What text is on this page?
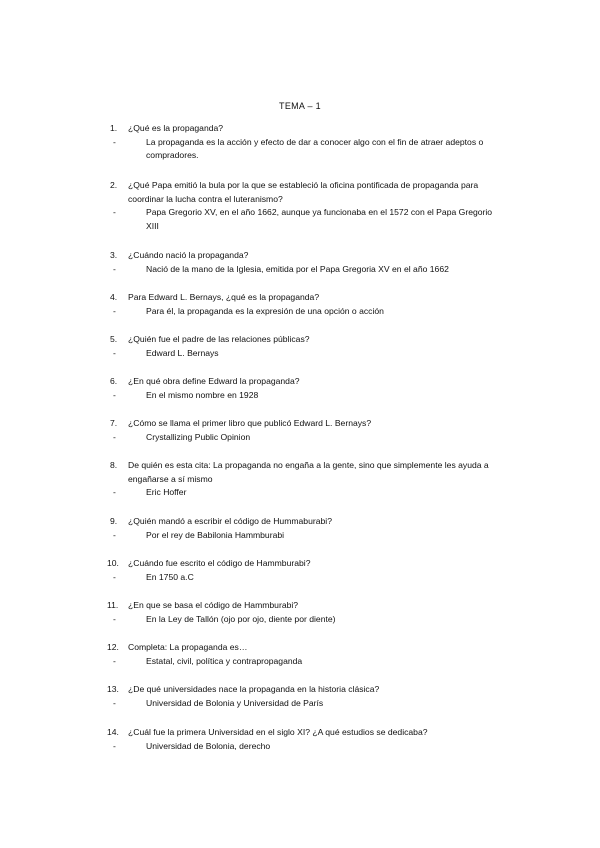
TEMA – 1
1. ¿Qué es la propaganda?
-	La propaganda es la acción y efecto de dar a conocer algo con el fin de atraer adeptos o compradores.
2. ¿Qué Papa emitió la bula por la que se estableció la oficina pontificada de propaganda para coordinar la lucha contra el luteranismo?
-	Papa Gregorio XV, en el año 1662, aunque ya funcionaba en el 1572 con el Papa Gregorio XIII
3. ¿Cuándo nació la propaganda?
-	Nació de la mano de la Iglesia, emitida por el Papa Gregoria XV en el año 1662
4. Para Edward L. Bernays, ¿qué es la propaganda?
-	Para él, la propaganda es la expresión de una opción o acción
5. ¿Quién fue el padre de las relaciones públicas?
-	Edward L. Bernays
6. ¿En qué obra define Edward la propaganda?
-	En el mismo nombre en 1928
7. ¿Cómo se llama el primer libro que publicó Edward L. Bernays?
-	Crystallizing Public Opinion
8. De quién es esta cita: La propaganda no engaña a la gente, sino que simplemente les ayuda a engañarse a sí mismo
-	Eric Hoffer
9. ¿Quién mandó a escribir el código de Hummaburabi?
-	Por el rey de Babilonia Hammburabi
10. ¿Cuándo fue escrito el código de Hammburabi?
-	En 1750 a.C
11. ¿En que se basa el código de Hammburabi?
-	En la Ley de Tallón (ojo por ojo, diente por diente)
12. Completa: La propaganda es…
-	Estatal, civil, política y contrapropaganda
13. ¿De qué universidades nace la propaganda en la historia clásica?
-	Universidad de Bolonia y Universidad de París
14. ¿Cuál fue la primera Universidad en el siglo XI? ¿A qué estudios se dedicaba?
-	Universidad de Bolonia, derecho
